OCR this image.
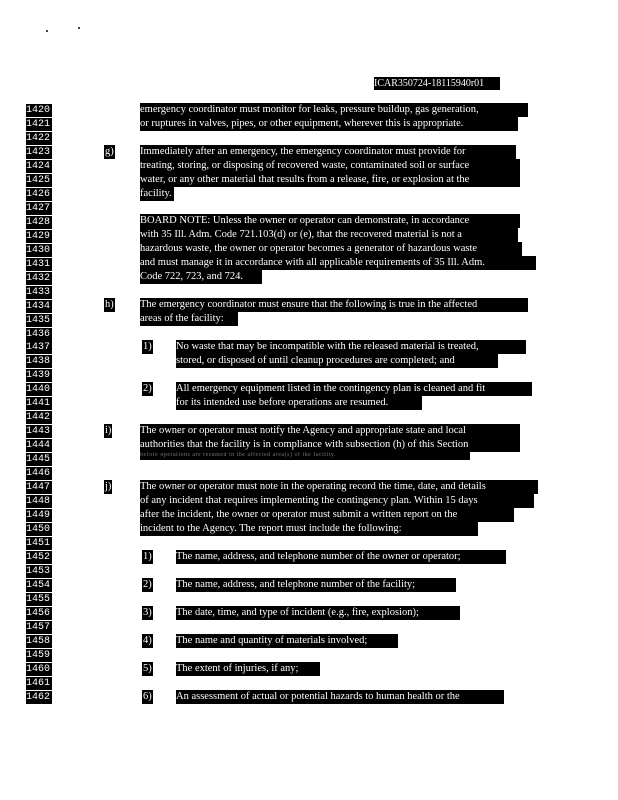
ICAR350724-18115940r01
1420
1421
1422
1423
1424
1425
1426
1427
1428
1429
1430
1431
1432
1433
1434
1435
1436
1437
1438
1439
1440
1441
1442
1443
1444
1445
1446
1447
1448
1449
1450
1451
1452
1453
1454
1455
1456
1457
1458
1459
1460
1461
1462
emergency coordinator must monitor for leaks, pressure buildup, gas generation,
or ruptures in valves, pipes, or other equipment, wherever this is appropriate.
g)	Immediately after an emergency, the emergency coordinator must provide for
treating, storing, or disposing of recovered waste, contaminated soil or surface
water, or any other material that results from a release, fire, or explosion at the
facility.
BOARD NOTE: Unless the owner or operator can demonstrate, in accordance
with 35 Ill. Adm. Code 721.103(d) or (e), that the recovered material is not a
hazardous waste, the owner or operator becomes a generator of hazardous waste
and must manage it in accordance with all applicable requirements of 35 Ill. Adm.
Code 722, 723, and 724.
h)	The emergency coordinator must ensure that the following is true in the affected
areas of the facility:
1) No waste that may be incompatible with the released material is treated,
stored, or disposed of until cleanup procedures are completed; and
2) All emergency equipment listed in the contingency plan is cleaned and fit
for its intended use before operations are resumed.
i)	The owner or operator must notify the Agency and appropriate state and local
authorities that the facility is in compliance with subsection (h) of this Section
before operations are resumed in the affected area(s) of the facility.
j)	The owner or operator must note in the operating record the time, date, and details
of any incident that requires implementing the contingency plan. Within 15 days
after the incident, the owner or operator must submit a written report on the
incident to the Agency. The report must include the following:
1) The name, address, and telephone number of the owner or operator;
2) The name, address, and telephone number of the facility;
3) The date, time, and type of incident (e.g., fire, explosion);
4) The name and quantity of materials involved;
5) The extent of injuries, if any;
6) An assessment of actual or potential hazards to human health or the
